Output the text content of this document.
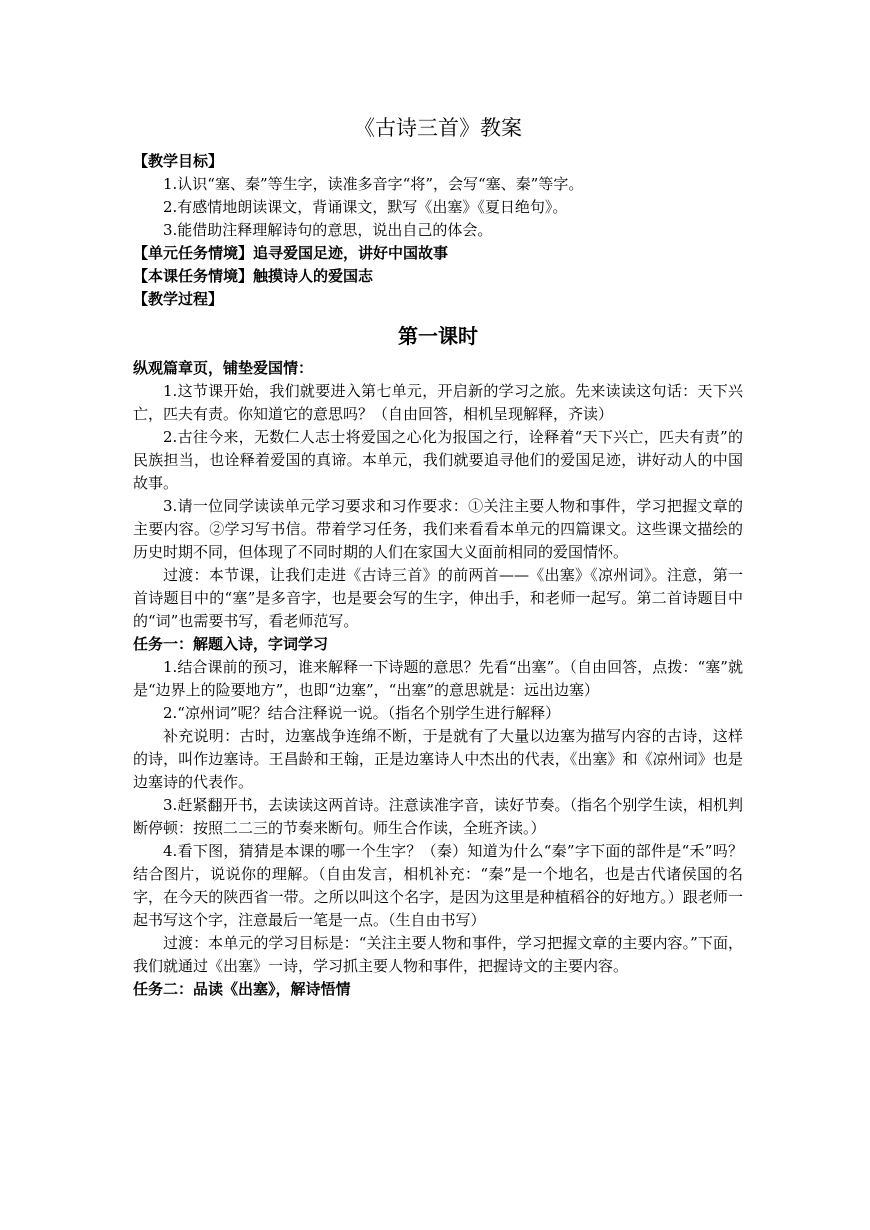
《古诗三首》教案

【教学目标】

1.认识“塞、秦”等生字，读准多音字“将”，会写“塞、秦”等字。

2.有感情地朗读课文，背诵课文，默写《出塞》《夏日绝句》。

3.能借助注释理解诗句的意思，说出自己的体会。

【单元任务情境】追寻爱国足迹，讲好中国故事

【本课任务情境】触摸诗人的爱国志

【教学过程】

第一课时

纵观篇章页，铺垫爱国情：

1.这节课开始，我们就要进入第七单元，开启新的学习之旅。先来读读这句话：天下兴亡，匹夫有责。你知道它的意思吗？（自由回答，相机呈现解释，齐读）

2.古往今来，无数仁人志士将爱国之心化为报国之行，诠释着“天下兴亡，匹夫有责”的民族担当，也诠释着爱国的真谛。本单元，我们就要追寻他们的爱国足迹，讲好动人的中国故事。

3.请一位同学读读单元学习要求和习作要求：①关注主要人物和事件，学习把握文章的主要内容。②学习写书信。带着学习任务，我们来看看本单元的四篇课文。这些课文描绘的历史时期不同，但体现了不同时期的人们在家国大义面前相同的爱国情怀。

过渡：本节课，让我们走进《古诗三首》的前两首——《出塞》《凉州词》。注意，第一首诗题目中的“塞”是多音字，也是要会写的生字，伸出手，和老师一起写。第二首诗题目中的“词”也需要书写，看老师范写。

任务一：解题入诗，字词学习

1.结合课前的预习，谁来解释一下诗题的意思？先看“出塞”。（自由回答，点拨：“塞”就是“边界上的险要地方”，也即“边塞”，“出塞”的意思就是：远出边塞）

2.“凉州词”呢？结合注释说一说。（指名个别学生进行解释）

补充说明：古时，边塞战争连绵不断，于是就有了大量以边塞为描写内容的古诗，这样的诗，叫作边塞诗。王昌龄和王翰，正是边塞诗人中杰出的代表，《出塞》和《凉州词》也是边塞诗的代表作。

3.赶紧翻开书，去读读这两首诗。注意读准字音，读好节奏。（指名个别学生读，相机判断停顿：按照二二三的节奏来断句。师生合作读，全班齐读。）

4.看下图，猜猜是本课的哪一个生字？（秦）知道为什么“秦”字下面的部件是“禾”吗？结合图片，说说你的理解。（自由发言，相机补充：“秦”是一个地名，也是古代诸侯国的名字，在今天的陕西省一带。之所以叫这个名字，是因为这里是种植稻谷的好地方。）跟老师一起书写这个字，注意最后一笔是一点。（生自由书写）

过渡：本单元的学习目标是：“关注主要人物和事件，学习把握文章的主要内容。”下面，我们就通过《出塞》一诗，学习抓主要人物和事件，把握诗文的主要内容。

任务二：品读《出塞》，解诗悟情
